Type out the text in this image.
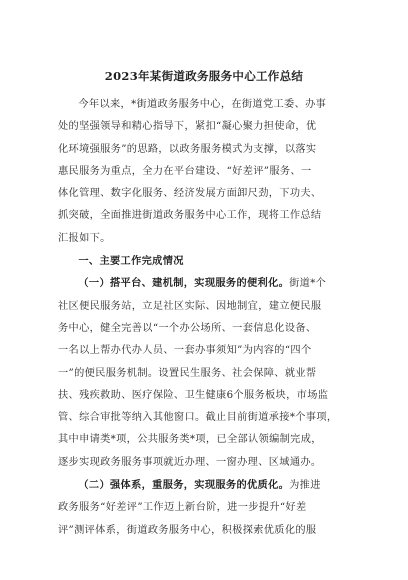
2023年某街道政务服务中心工作总结

今年以来，*街道政务服务中心，在街道党工委、办事
处的坚强领导和精心指导下，紧扣“凝心聚力担使命，优
化环境强服务”的思路，以政务服务模式为支撑，以落实
惠民服务为重点，全力在平台建设、“好差评”服务、一
体化管理、数字化服务、经济发展方面卸尺劲，下功夫、
抓突破，全面推进街道政务服务中心工作，现将工作总结
汇报如下。

一、主要工作完成情况

（一）搭平台、建机制，实现服务的便利化。街道*个
社区便民服务站，立足社区实际、因地制宜，建立便民服
务中心，健全完善以“一个办公场所、一套信息化设备、
一名以上帮办代办人员、一套办事须知”为内容的“四个
一”的便民服务机制。设置民生服务、社会保障、就业帮
扶、残疾救助、医疗保险、卫生健康6个服务板块，市场监
管、综合审批等纳入其他窗口。截止目前街道承接*个事项，
其中申请类*项，公共服务类*项，已全部认领编制完成，
逐步实现政务服务事项就近办理、一窗办理、区域通办。

（二）强体系，重服务，实现服务的优质化。为推进
政务服务“好差评”工作迈上新台阶，进一步提升“好差
评”测评体系，街道政务服务中心，积极探索优质化的服
